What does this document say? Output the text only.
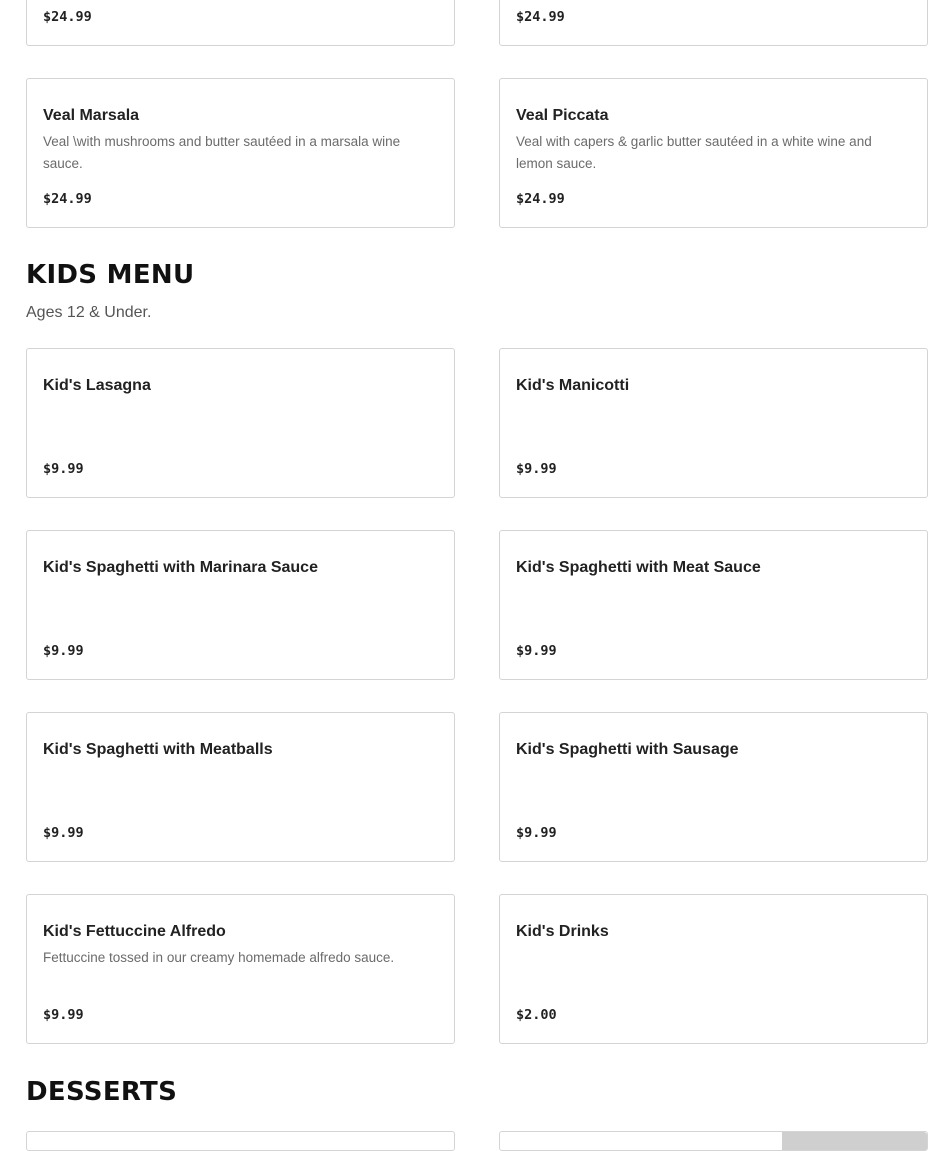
$24.99	$24.99
Veal Marsala
Veal \with mushrooms and butter sautéed in a marsala wine sauce.
$24.99
Veal Piccata
Veal with capers & garlic butter sautéed in a white wine and lemon sauce.
$24.99
KIDS MENU
Ages 12 & Under.
Kid's Lasagna
$9.99
Kid's Manicotti
$9.99
Kid's Spaghetti with Marinara Sauce
$9.99
Kid's Spaghetti with Meat Sauce
$9.99
Kid's Spaghetti with Meatballs
$9.99
Kid's Spaghetti with Sausage
$9.99
Kid's Fettuccine Alfredo
Fettuccine tossed in our creamy homemade alfredo sauce.
$9.99
Kid's Drinks
$2.00
DESSERTS
